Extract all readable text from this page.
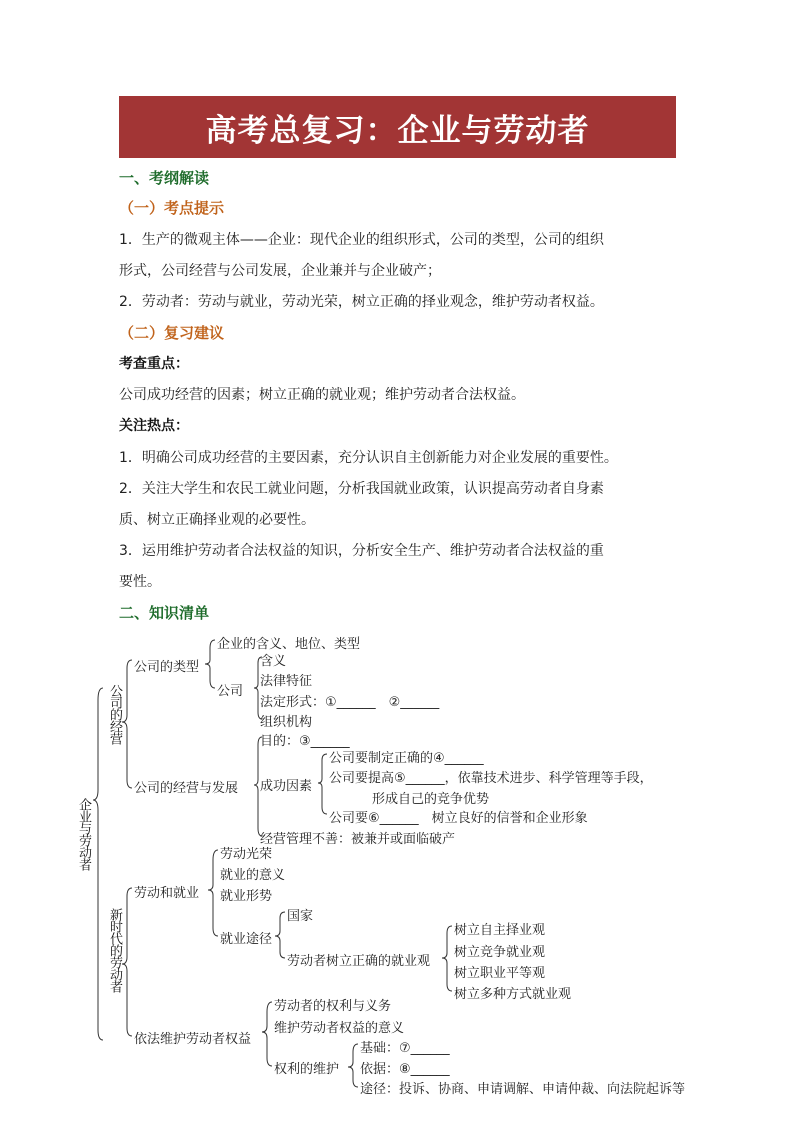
高考总复习：企业与劳动者
一、考纲解读
（一）考点提示
1．生产的微观主体——企业：现代企业的组织形式，公司的类型，公司的组织
形式，公司经营与公司发展，企业兼并与企业破产；
2．劳动者：劳动与就业，劳动光荣，树立正确的择业观念，维护劳动者权益。
（二）复习建议
考查重点：
公司成功经营的因素；树立正确的就业观；维护劳动者合法权益。
关注热点：
1．明确公司成功经营的主要因素，充分认识自主创新能力对企业发展的重要性。
2．关注大学生和农民工就业问题，分析我国就业政策，认识提高劳动者自身素
质、树立正确择业观的必要性。
3．运用维护劳动者合法权益的知识，分析安全生产、维护劳动者合法权益的重
要性。
二、知识清单
企业与劳动者
公司的经营
公司的类型
企业的含义、地位、类型
公司
含义
法律特征
法定形式：①______　②______
组织机构
公司的经营与发展
目的：③______
成功因素
公司要制定正确的④______
公司要提高⑤______，依靠技术进步、科学管理等手段，
形成自己的竞争优势
公司要⑥______　树立良好的信誉和企业形象
经营管理不善：被兼并或面临破产
新时代的劳动者
劳动和就业
劳动光荣
就业的意义
就业形势
就业途径
国家
劳动者树立正确的就业观
树立自主择业观
树立竞争就业观
树立职业平等观
树立多种方式就业观
依法维护劳动者权益
劳动者的权利与义务
维护劳动者权益的意义
权利的维护
基础：⑦______
依据：⑧______
途径：投诉、协商、申请调解、申请仲裁、向法院起诉等
